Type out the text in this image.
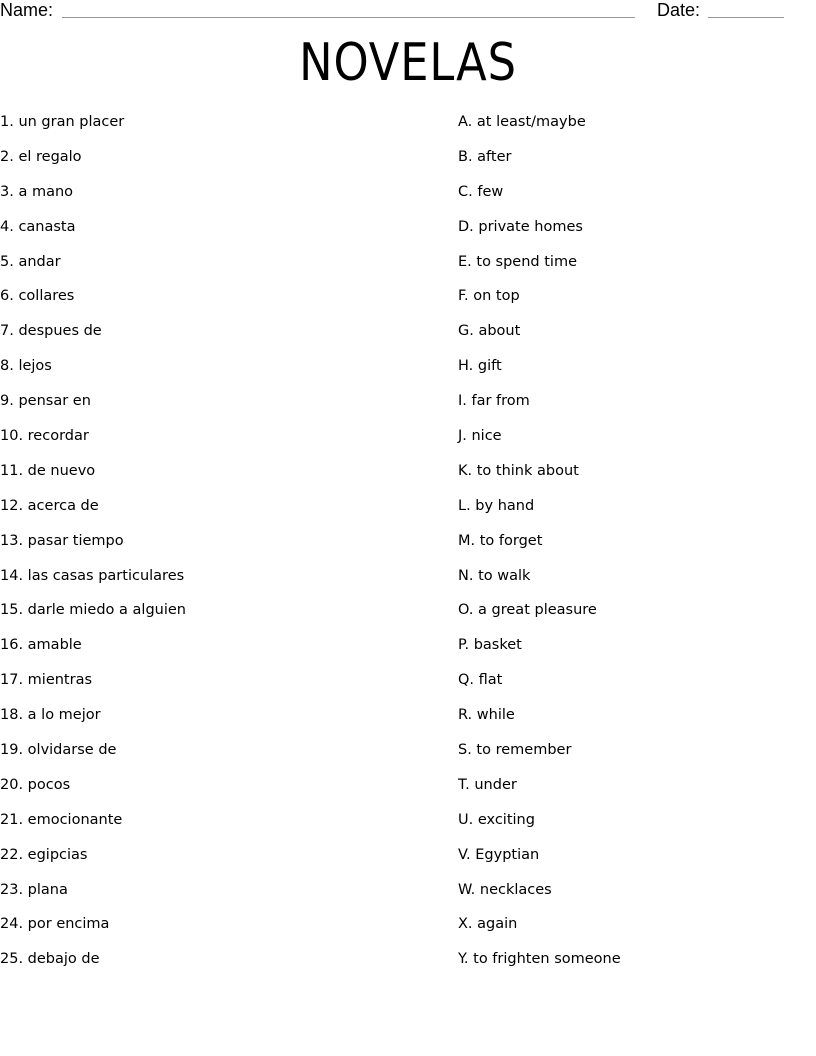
Name:	Date:
NOVELAS
1. un gran placer
2. el regalo
3. a mano
4. canasta
5. andar
6. collares
7. despues de
8. lejos
9. pensar en
10. recordar
11. de nuevo
12. acerca de
13. pasar tiempo
14. las casas particulares
15. darle miedo a alguien
16. amable
17. mientras
18. a lo mejor
19. olvidarse de
20. pocos
21. emocionante
22. egipcias
23. plana
24. por encima
25. debajo de
A. at least/maybe
B. after
C. few
D. private homes
E. to spend time
F. on top
G. about
H. gift
I. far from
J. nice
K. to think about
L. by hand
M. to forget
N. to walk
O. a great pleasure
P. basket
Q. flat
R. while
S. to remember
T. under
U. exciting
V. Egyptian
W. necklaces
X. again
Y. to frighten someone
